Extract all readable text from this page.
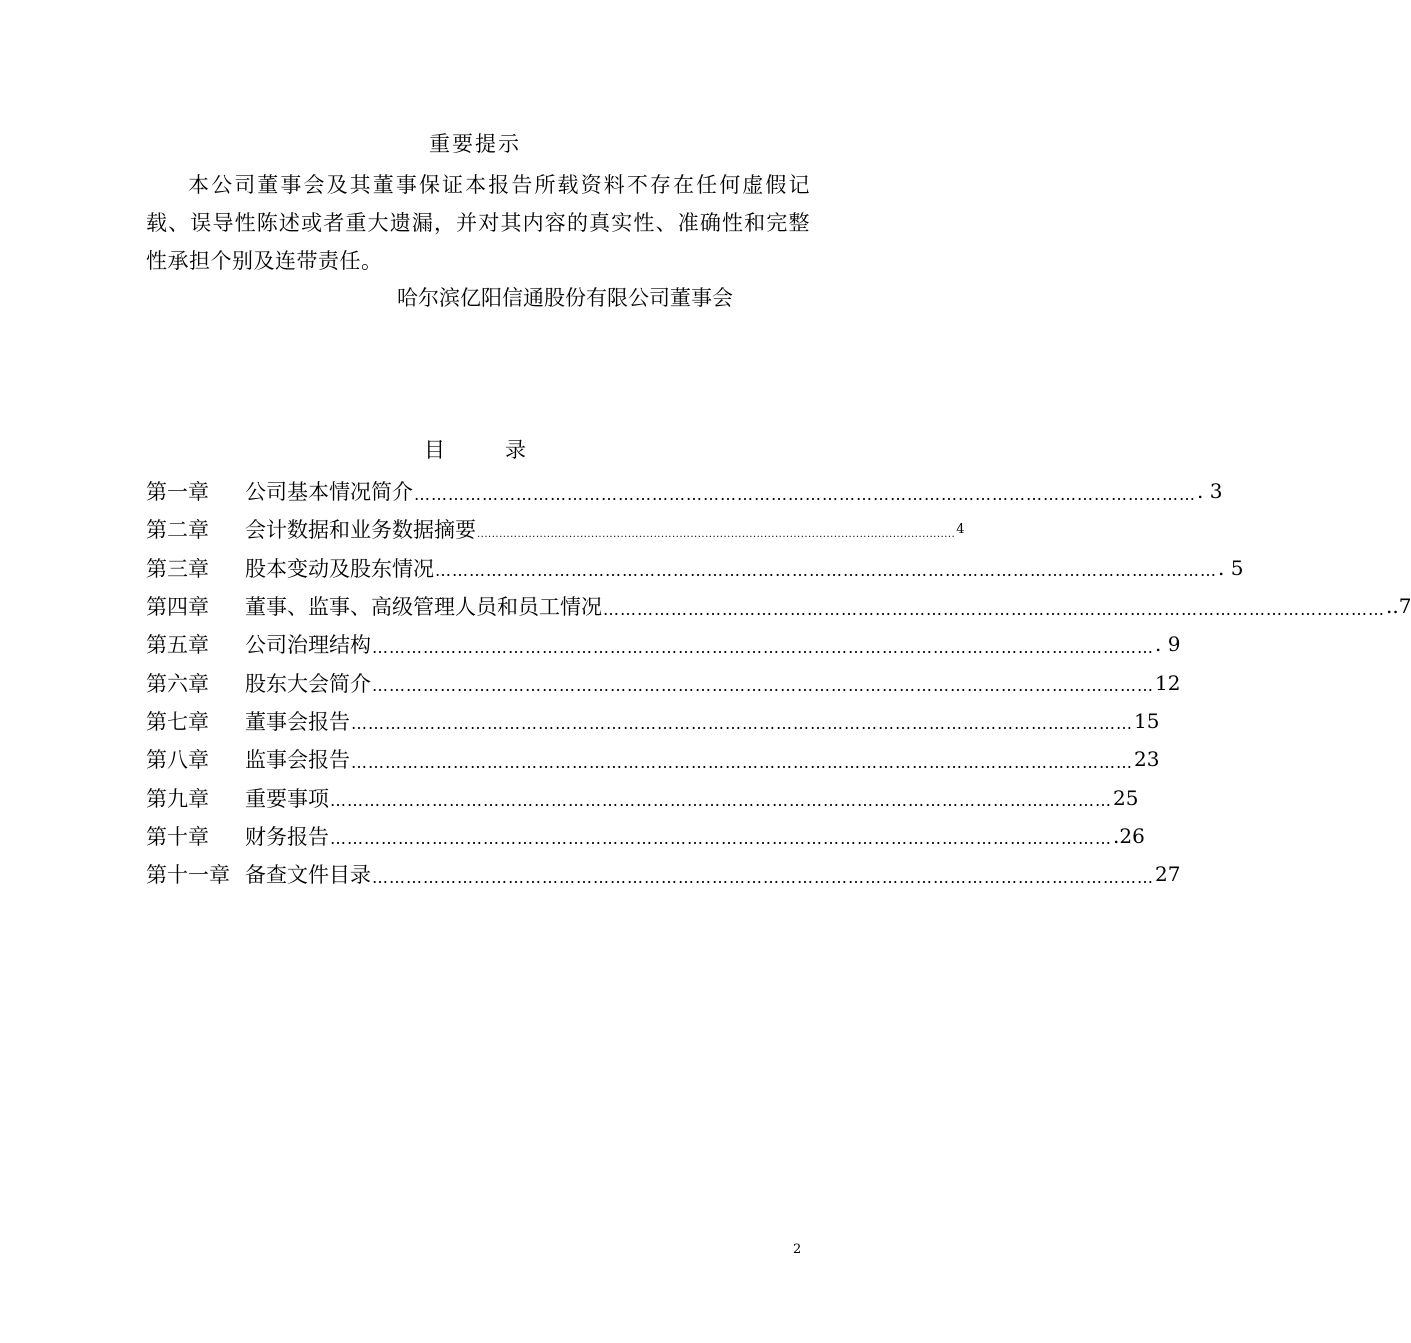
重要提示

本公司董事会及其董事保证本报告所载资料不存在任何虚假记载、误导性陈述或者重大遗漏，并对其内容的真实性、准确性和完整性承担个别及连带责任。

哈尔滨亿阳信通股份有限公司董事会
目	录
第一章	公司基本情况简介 ………………………………………………………………………………………………………………………… . 3
第二章	会计数据和业务数据摘要 .................................................................................................................................. 4
第三章	股本变动及股东情况 ………………………………………………………………………………………………………………………… . 5
第四章	董事、监事、高级管理人员和员工情况 ………………………………………………………………………………………………………………………… ..7
第五章	公司治理结构 ………………………………………………………………………………………………………………………… . 9
第六章	股东大会简介 ………………………………………………………………………………………………………………………… 12
第七章	董事会报告 ………………………………………………………………………………………………………………………… 15
第八章	监事会报告 ………………………………………………………………………………………………………………………… 23
第九章	重要事项 ………………………………………………………………………………………………………………………… 25
第十章	财务报告 ………………………………………………………………………………………………………………………… .26
第十一章 备查文件目录 ………………………………………………………………………………………………………………………… 27
2
